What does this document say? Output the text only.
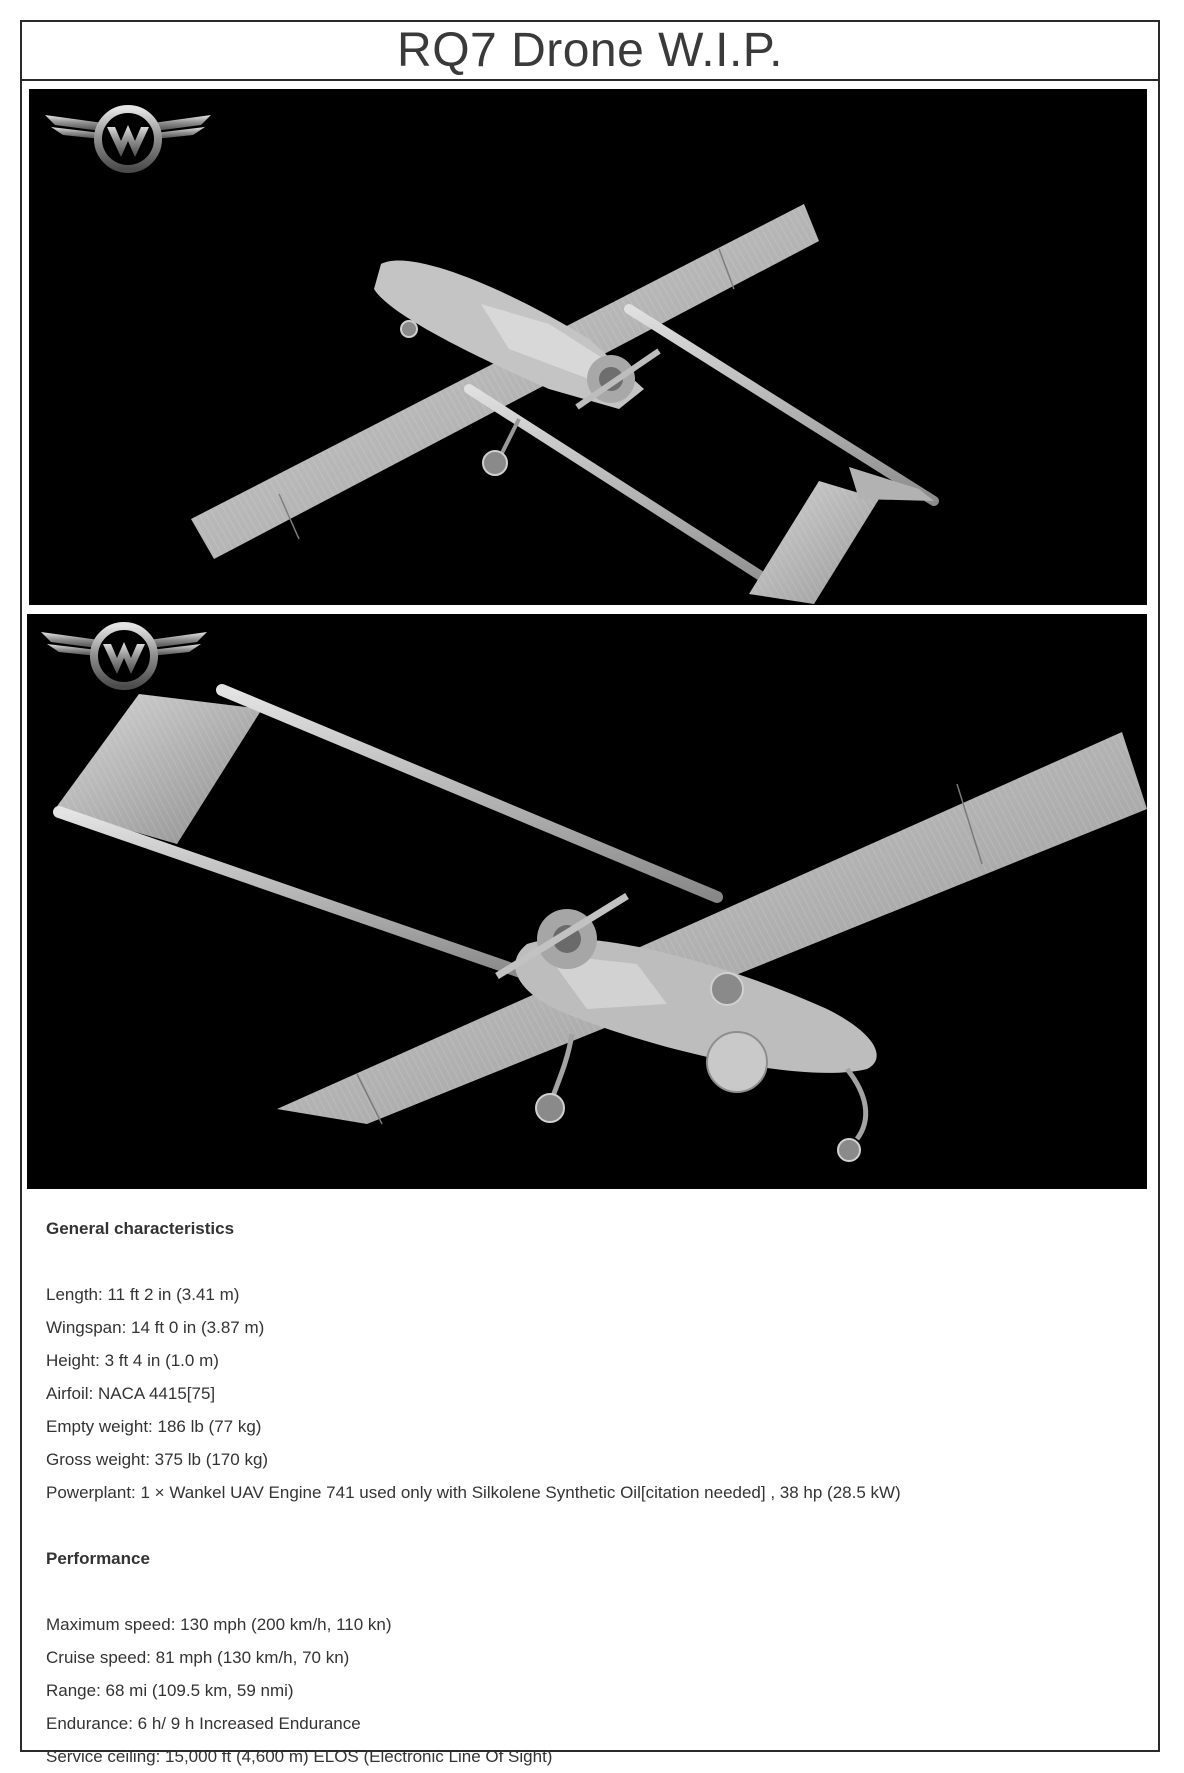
RQ7 Drone W.I.P.
General characteristics
Length: 11 ft 2 in (3.41 m)
Wingspan: 14 ft 0 in (3.87 m)
Height: 3 ft 4 in (1.0 m)
Airfoil: NACA 4415[75]
Empty weight: 186 lb (77 kg)
Gross weight: 375 lb (170 kg)
Powerplant: 1 × Wankel UAV Engine 741 used only with Silkolene Synthetic Oil[citation needed] , 38 hp (28.5 kW)
Performance
Maximum speed: 130 mph (200 km/h, 110 kn)
Cruise speed: 81 mph (130 km/h, 70 kn)
Range: 68 mi (109.5 km, 59 nmi)
Endurance: 6 h/ 9 h Increased Endurance
Service ceiling: 15,000 ft (4,600 m) ELOS (Electronic Line Of Sight)
